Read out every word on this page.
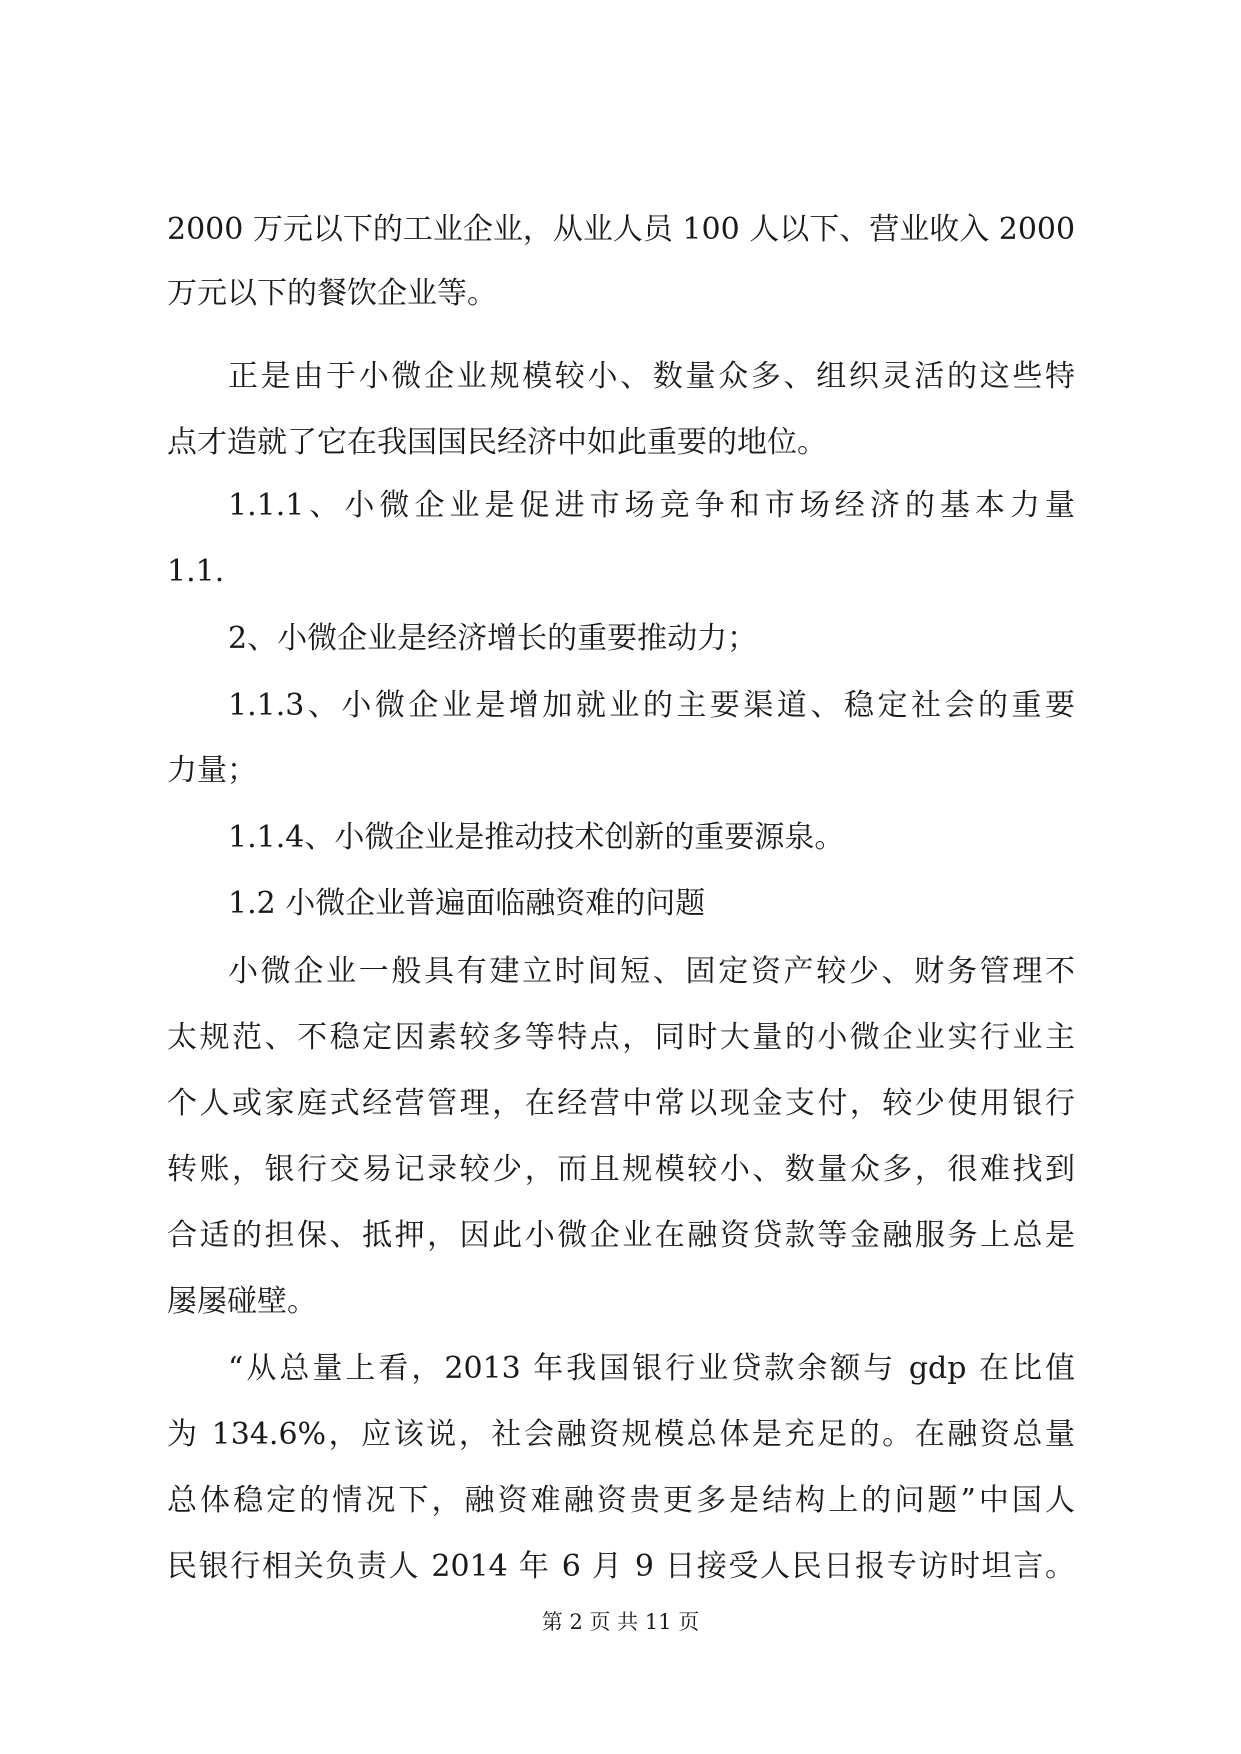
2000 万元以下的工业企业，从业人员 100 人以下、营业收入 2000
万元以下的餐饮企业等。
正是由于小微企业规模较小、数量众多、组织灵活的这些特
点才造就了它在我国国民经济中如此重要的地位。
1.1.1、小微企业是促进市场竞争和市场经济的基本力量
1.1.
2、小微企业是经济增长的重要推动力；
1.1.3、小微企业是增加就业的主要渠道、稳定社会的重要
力量；
1.1.4、小微企业是推动技术创新的重要源泉。
1.2 小微企业普遍面临融资难的问题
小微企业一般具有建立时间短、固定资产较少、财务管理不
太规范、不稳定因素较多等特点，同时大量的小微企业实行业主
个人或家庭式经营管理，在经营中常以现金支付，较少使用银行
转账，银行交易记录较少，而且规模较小、数量众多，很难找到
合适的担保、抵押，因此小微企业在融资贷款等金融服务上总是
屡屡碰壁。
“从总量上看，2013 年我国银行业贷款余额与 gdp 在比值
为 134.6%，应该说，社会融资规模总体是充足的。在融资总量
总体稳定的情况下，融资难融资贵更多是结构上的问题”中国人
民银行相关负责人 2014 年 6 月 9 日接受人民日报专访时坦言。
第 2 页 共 11 页
